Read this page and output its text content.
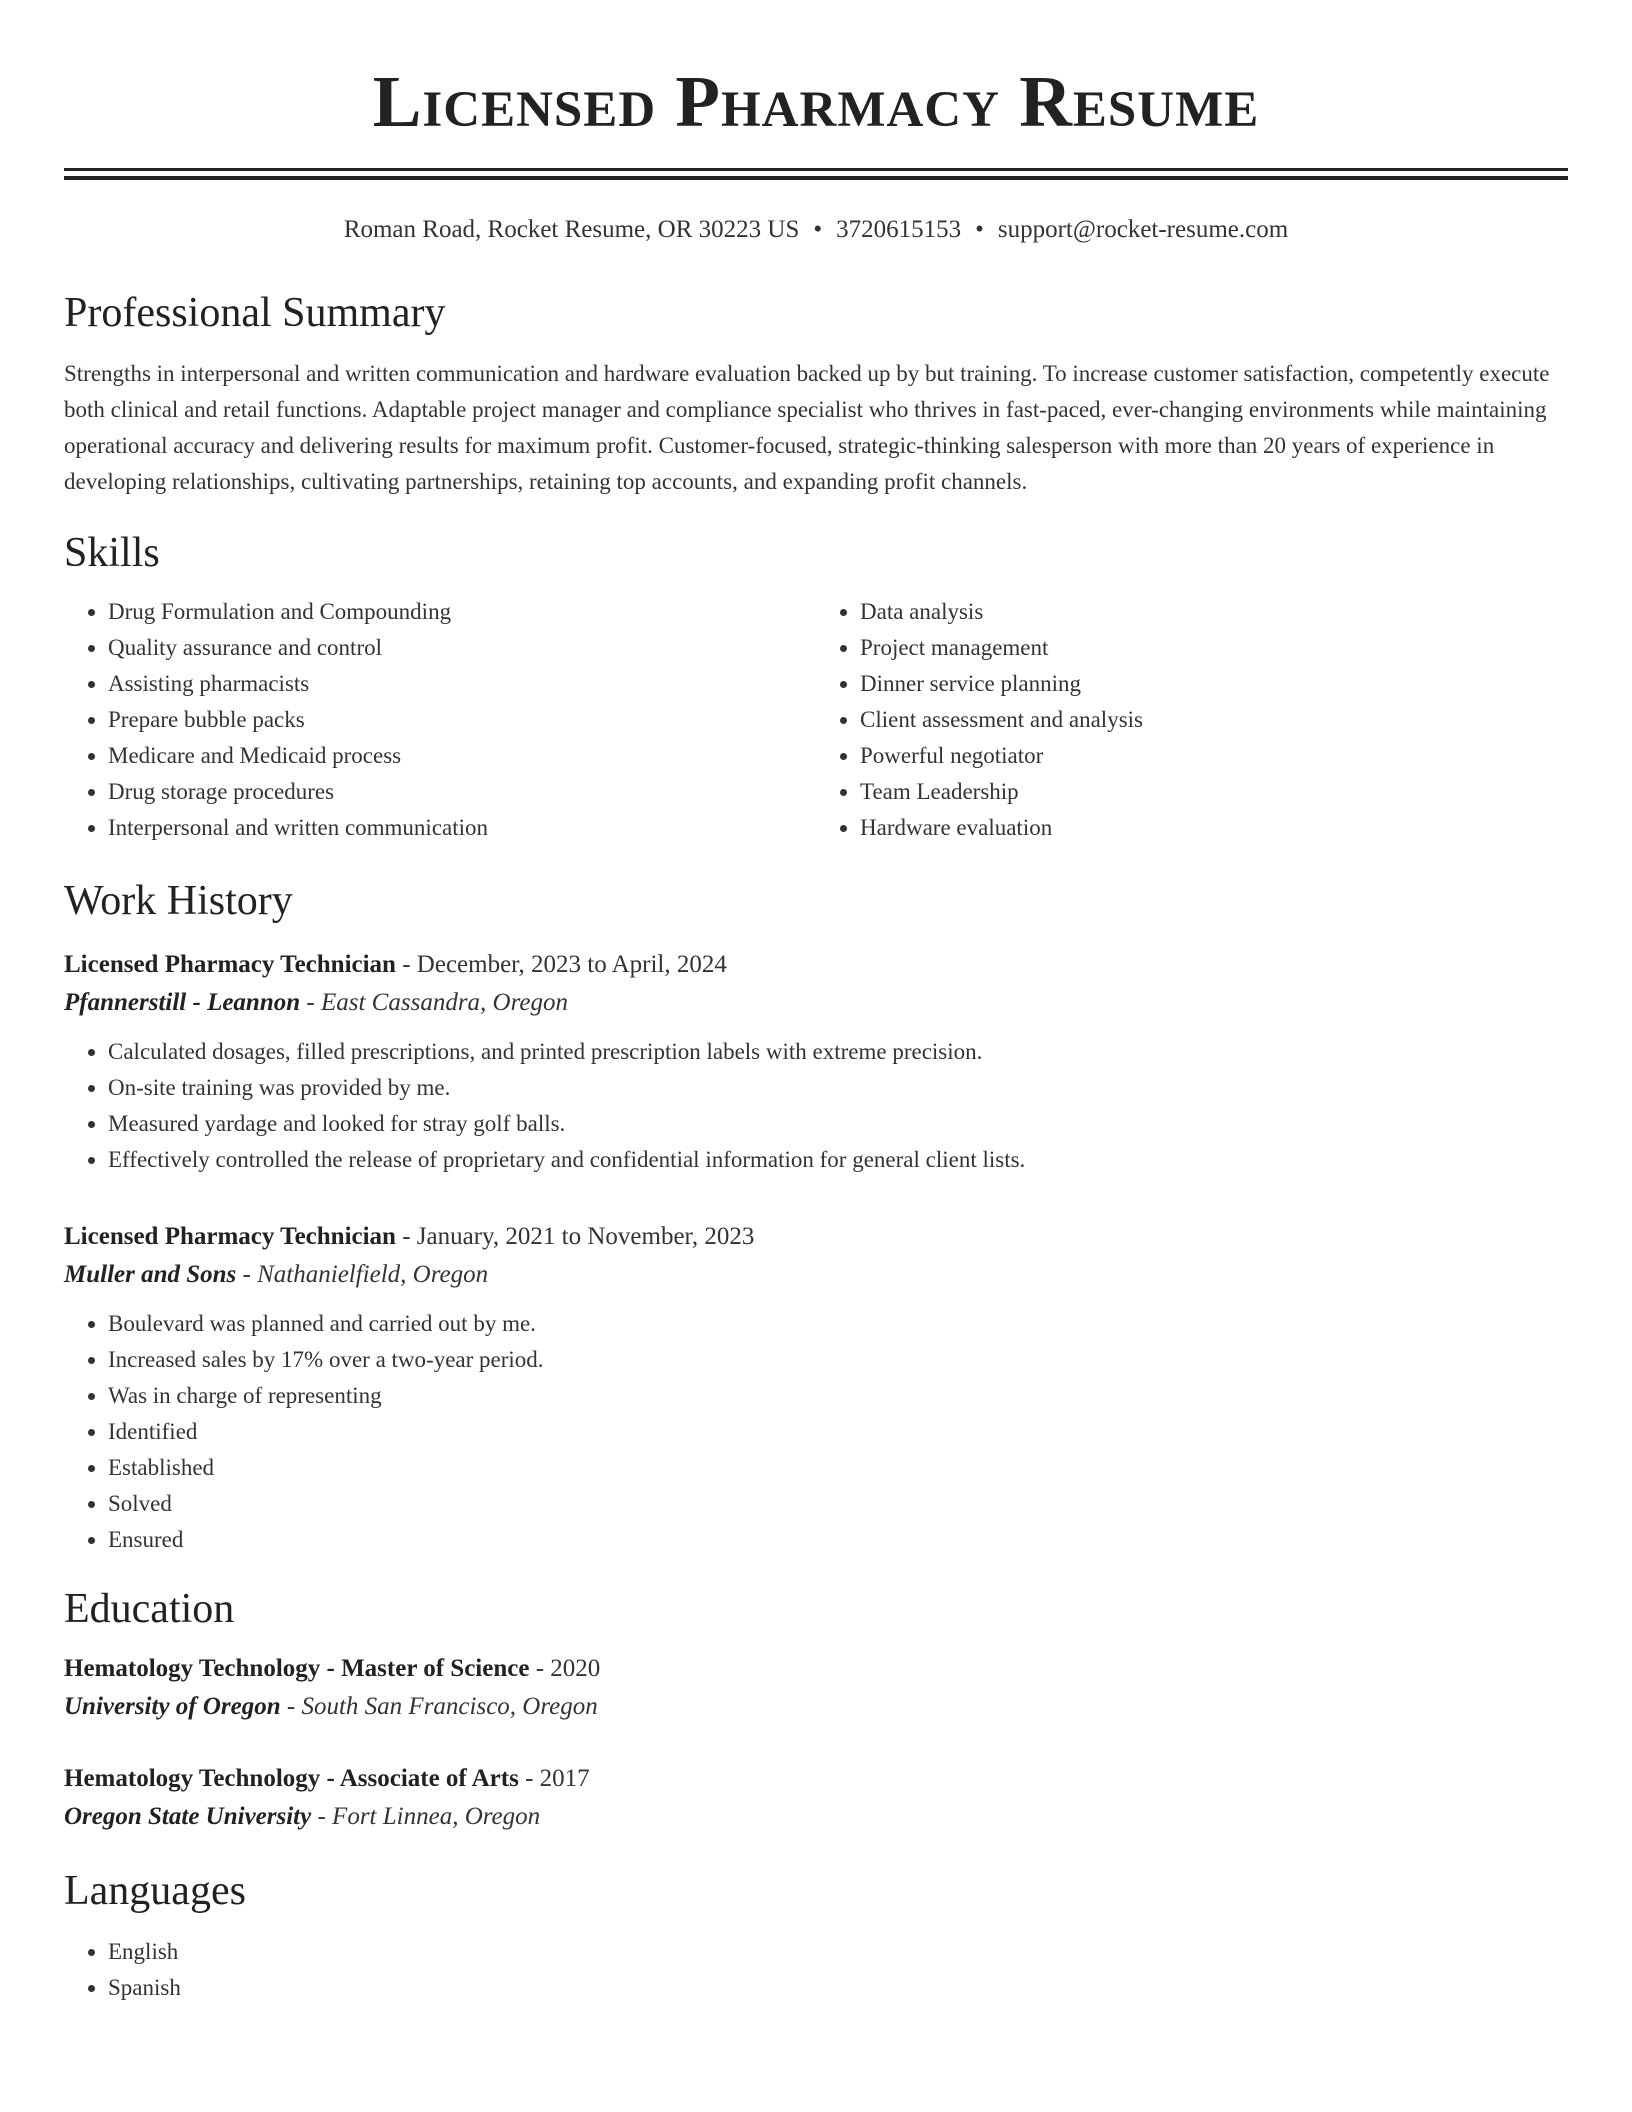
Licensed Pharmacy Resume
Roman Road, Rocket Resume, OR 30223 US • 3720615153 • support@rocket-resume.com
Professional Summary

Strengths in interpersonal and written communication and hardware evaluation backed up by but training. To increase customer satisfaction, competently execute both clinical and retail functions. Adaptable project manager and compliance specialist who thrives in fast-paced, ever-changing environments while maintaining operational accuracy and delivering results for maximum profit. Customer-focused, strategic-thinking salesperson with more than 20 years of experience in developing relationships, cultivating partnerships, retaining top accounts, and expanding profit channels.

Skills
• Drug Formulation and Compounding
• Quality assurance and control
• Assisting pharmacists
• Prepare bubble packs
• Medicare and Medicaid process
• Drug storage procedures
• Interpersonal and written communication
• Data analysis
• Project management
• Dinner service planning
• Client assessment and analysis
• Powerful negotiator
• Team Leadership
• Hardware evaluation
Work History
Licensed Pharmacy Technician - December, 2023 to April, 2024
Pfannerstill - Leannon - East Cassandra, Oregon
• Calculated dosages, filled prescriptions, and printed prescription labels with extreme precision.
• On-site training was provided by me.
• Measured yardage and looked for stray golf balls.
• Effectively controlled the release of proprietary and confidential information for general client lists.
Licensed Pharmacy Technician - January, 2021 to November, 2023
Muller and Sons - Nathanielfield, Oregon
• Boulevard was planned and carried out by me.
• Increased sales by 17% over a two-year period.
• Was in charge of representing
• Identified
• Established
• Solved
• Ensured
Education
Hematology Technology - Master of Science - 2020
University of Oregon - South San Francisco, Oregon
Hematology Technology - Associate of Arts - 2017
Oregon State University - Fort Linnea, Oregon
Languages
• English
• Spanish
